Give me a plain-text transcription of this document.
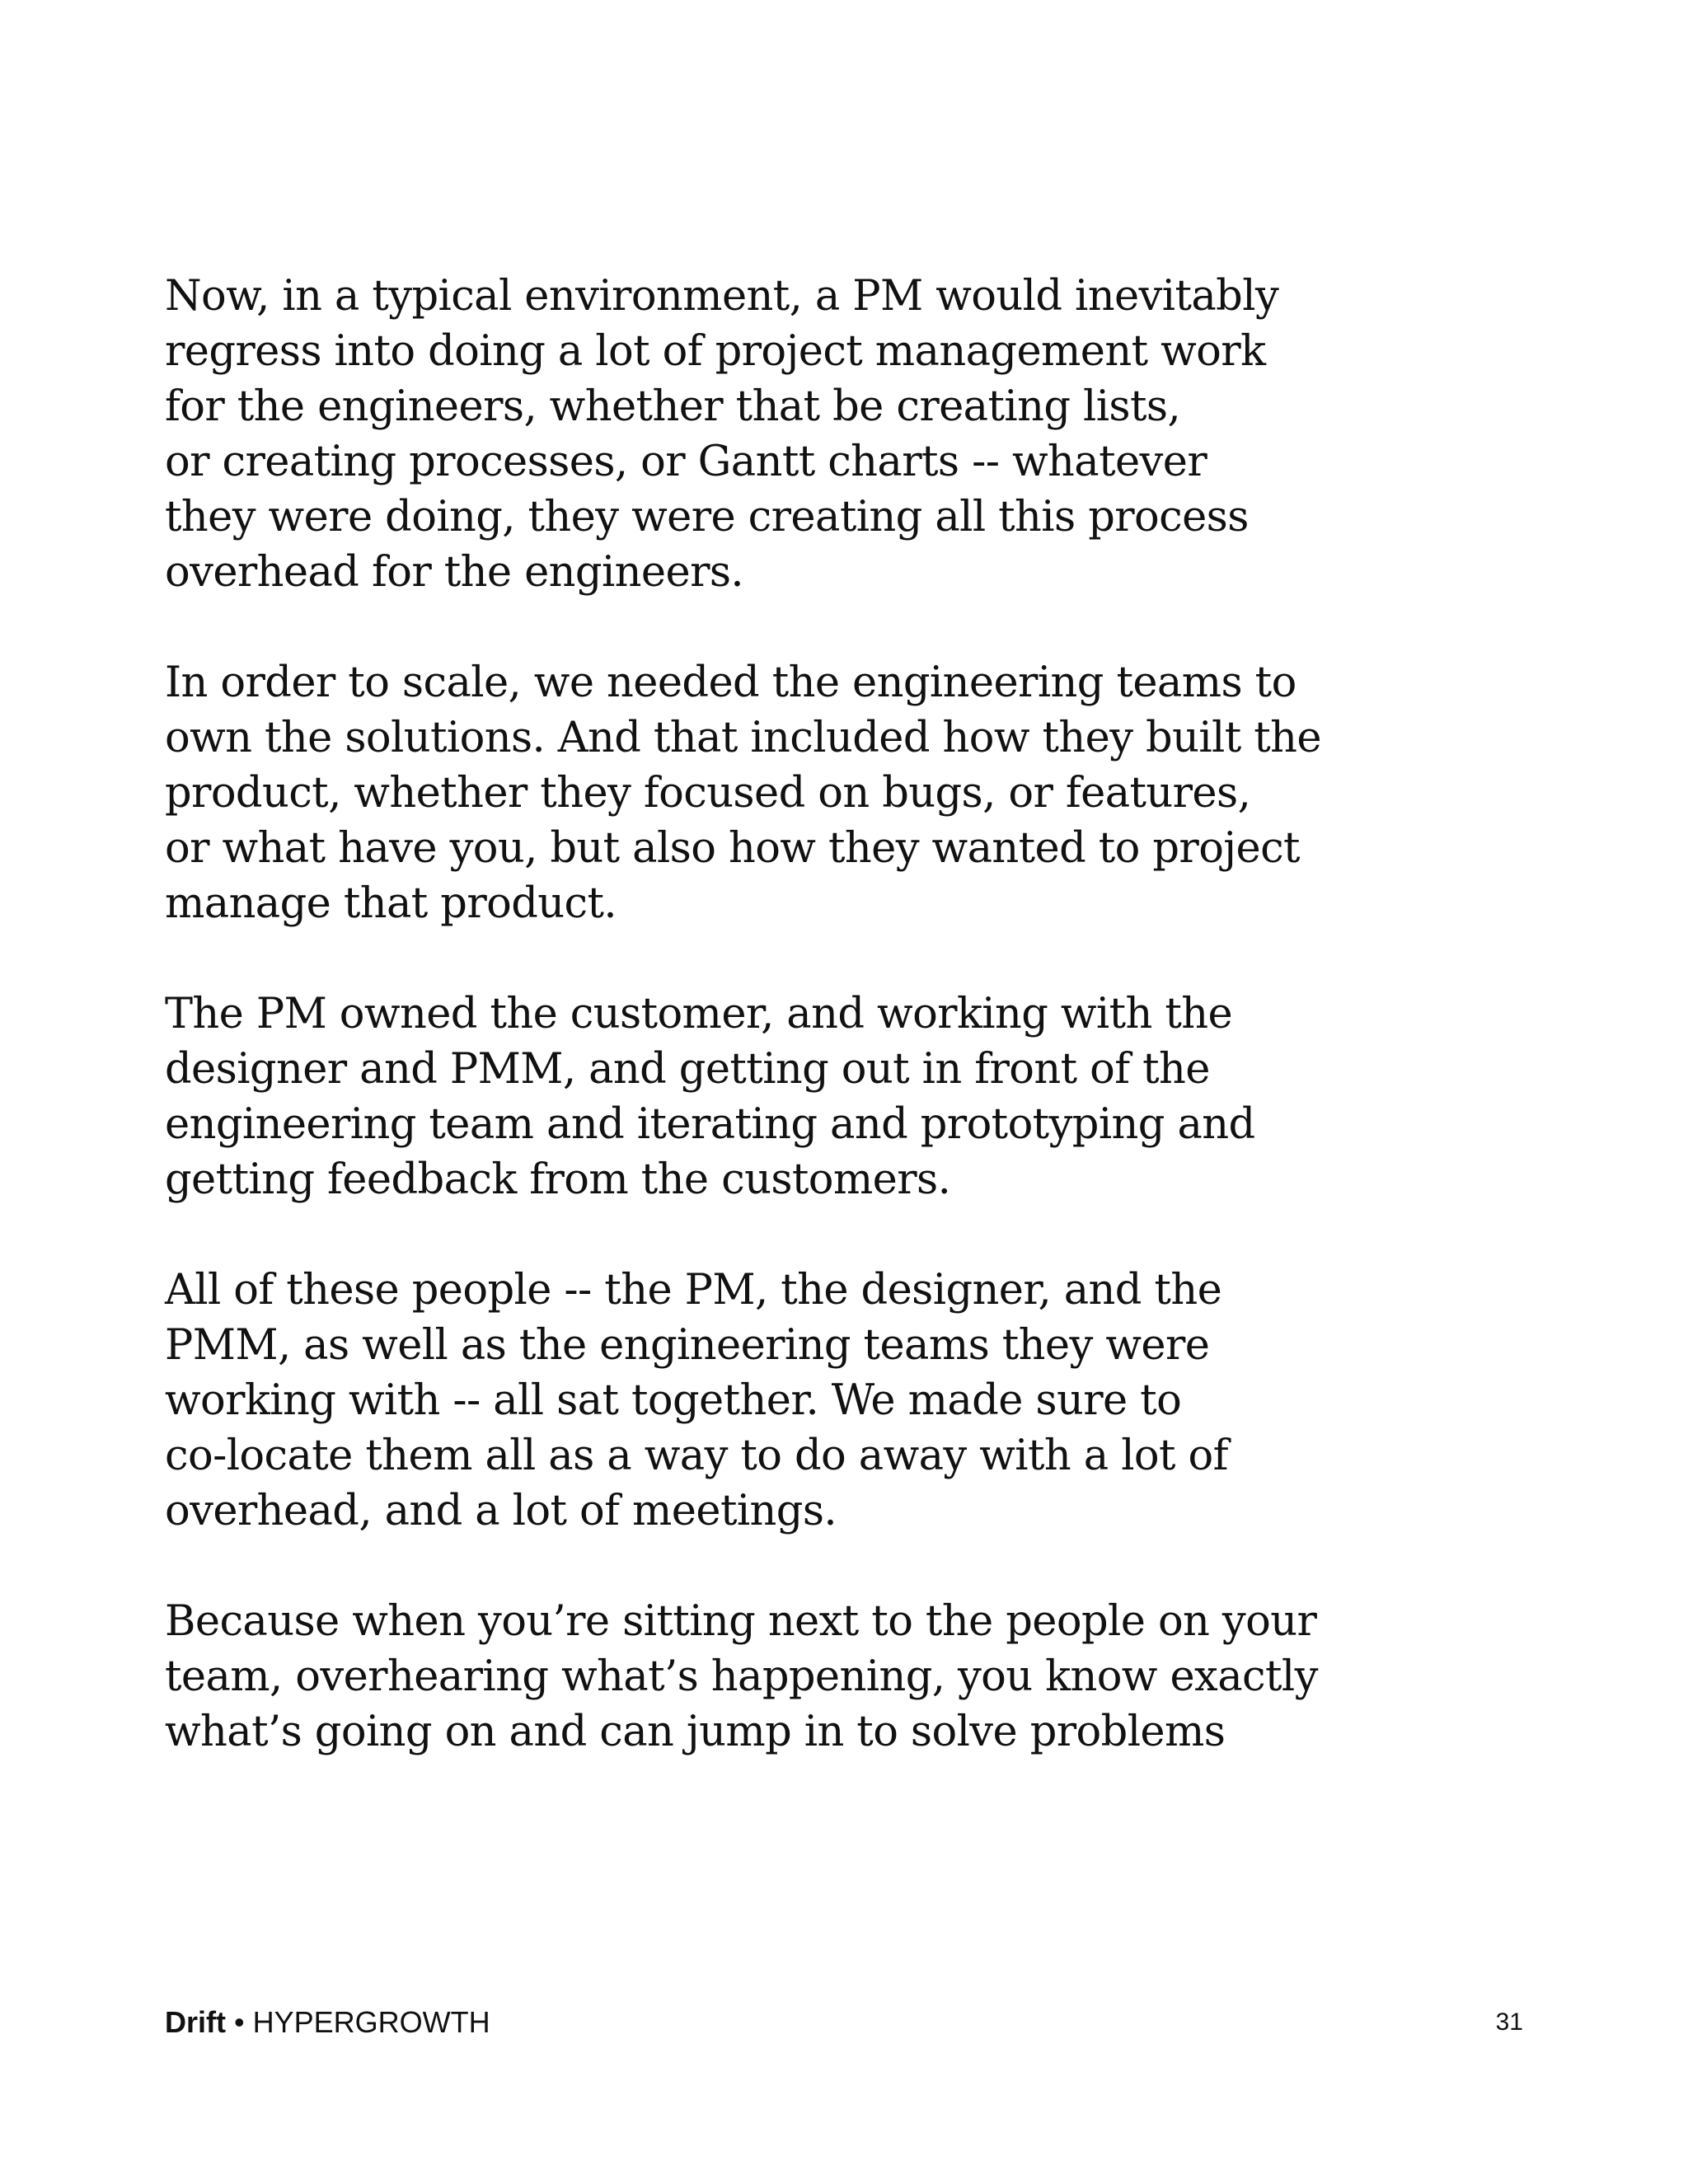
Now, in a typical environment, a PM would inevitably
regress into doing a lot of project management work
for the engineers, whether that be creating lists,
or creating processes, or Gantt charts -- whatever
they were doing, they were creating all this process
overhead for the engineers.

In order to scale, we needed the engineering teams to
own the solutions. And that included how they built the
product, whether they focused on bugs, or features,
or what have you, but also how they wanted to project
manage that product.

The PM owned the customer, and working with the
designer and PMM, and getting out in front of the
engineering team and iterating and prototyping and
getting feedback from the customers.

All of these people -- the PM, the designer, and the
PMM, as well as the engineering teams they were
working with -- all sat together. We made sure to
co-locate them all as a way to do away with a lot of
overhead, and a lot of meetings.

Because when you’re sitting next to the people on your
team, overhearing what’s happening, you know exactly
what’s going on and can jump in to solve problems

Drift • HYPERGROWTH	31
